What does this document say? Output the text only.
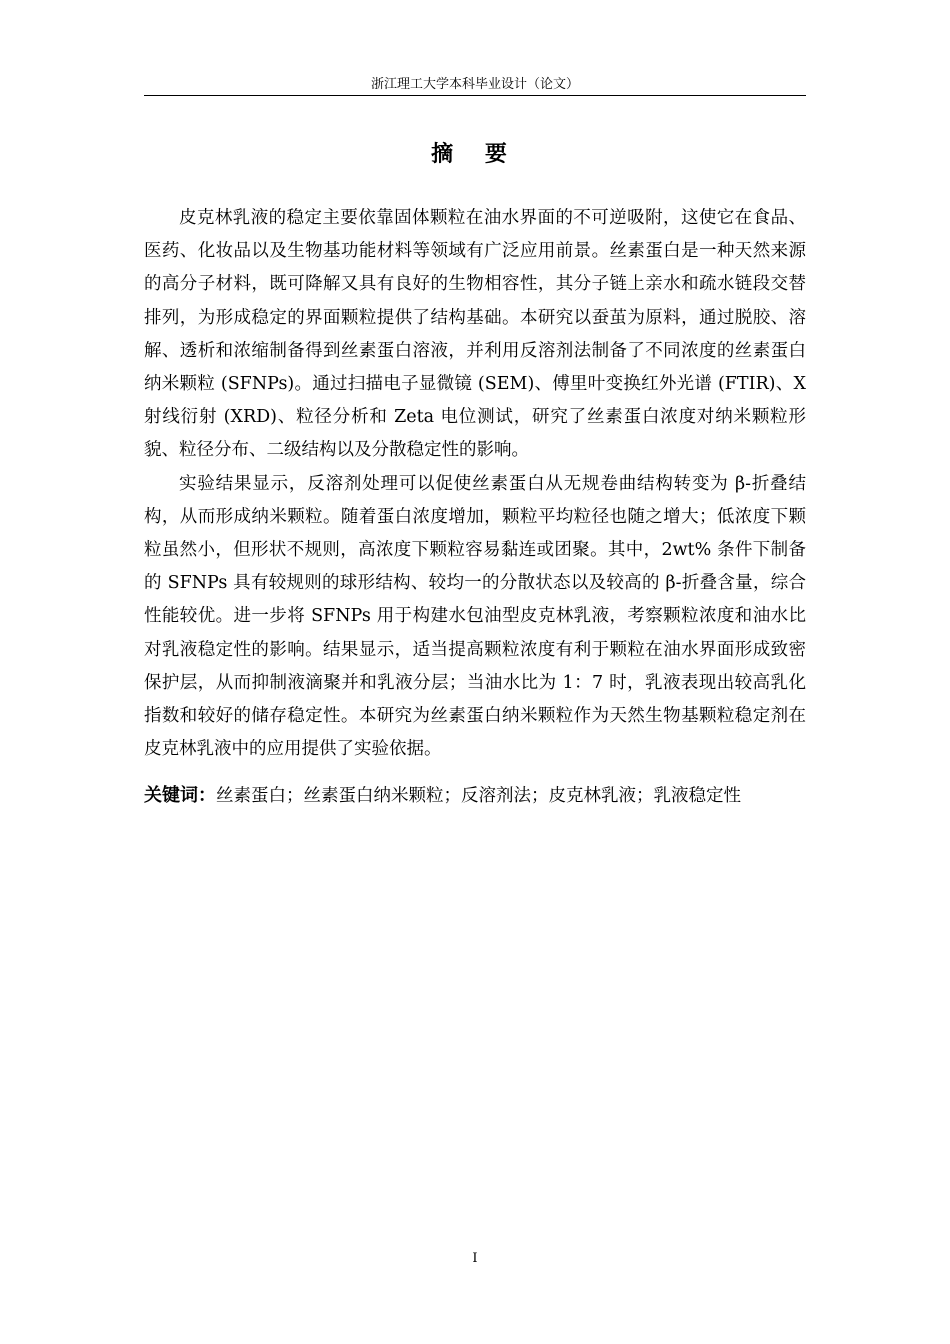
浙江理工大学本科毕业设计（论文）
摘 要

皮克林乳液的稳定主要依靠固体颗粒在油水界面的不可逆吸附，这使它在食品、医药、化妆品以及生物基功能材料等领域有广泛应用前景。丝素蛋白是一种天然来源的高分子材料，既可降解又具有良好的生物相容性，其分子链上亲水和疏水链段交替排列，为形成稳定的界面颗粒提供了结构基础。本研究以蚕茧为原料，通过脱胶、溶解、透析和浓缩制备得到丝素蛋白溶液，并利用反溶剂法制备了不同浓度的丝素蛋白纳米颗粒 (SFNPs)。通过扫描电子显微镜 (SEM)、傅里叶变换红外光谱 (FTIR)、X 射线衍射 (XRD)、粒径分析和 Zeta 电位测试，研究了丝素蛋白浓度对纳米颗粒形貌、粒径分布、二级结构以及分散稳定性的影响。

实验结果显示，反溶剂处理可以促使丝素蛋白从无规卷曲结构转变为 β-折叠结构，从而形成纳米颗粒。随着蛋白浓度增加，颗粒平均粒径也随之增大；低浓度下颗粒虽然小，但形状不规则，高浓度下颗粒容易黏连或团聚。其中，2wt% 条件下制备的 SFNPs 具有较规则的球形结构、较均一的分散状态以及较高的 β-折叠含量，综合性能较优。进一步将 SFNPs 用于构建水包油型皮克林乳液，考察颗粒浓度和油水比对乳液稳定性的影响。结果显示，适当提高颗粒浓度有利于颗粒在油水界面形成致密保护层，从而抑制液滴聚并和乳液分层；当油水比为 1：7 时，乳液表现出较高乳化指数和较好的储存稳定性。本研究为丝素蛋白纳米颗粒作为天然生物基颗粒稳定剂在皮克林乳液中的应用提供了实验依据。

关键词：丝素蛋白；丝素蛋白纳米颗粒；反溶剂法；皮克林乳液；乳液稳定性

I
